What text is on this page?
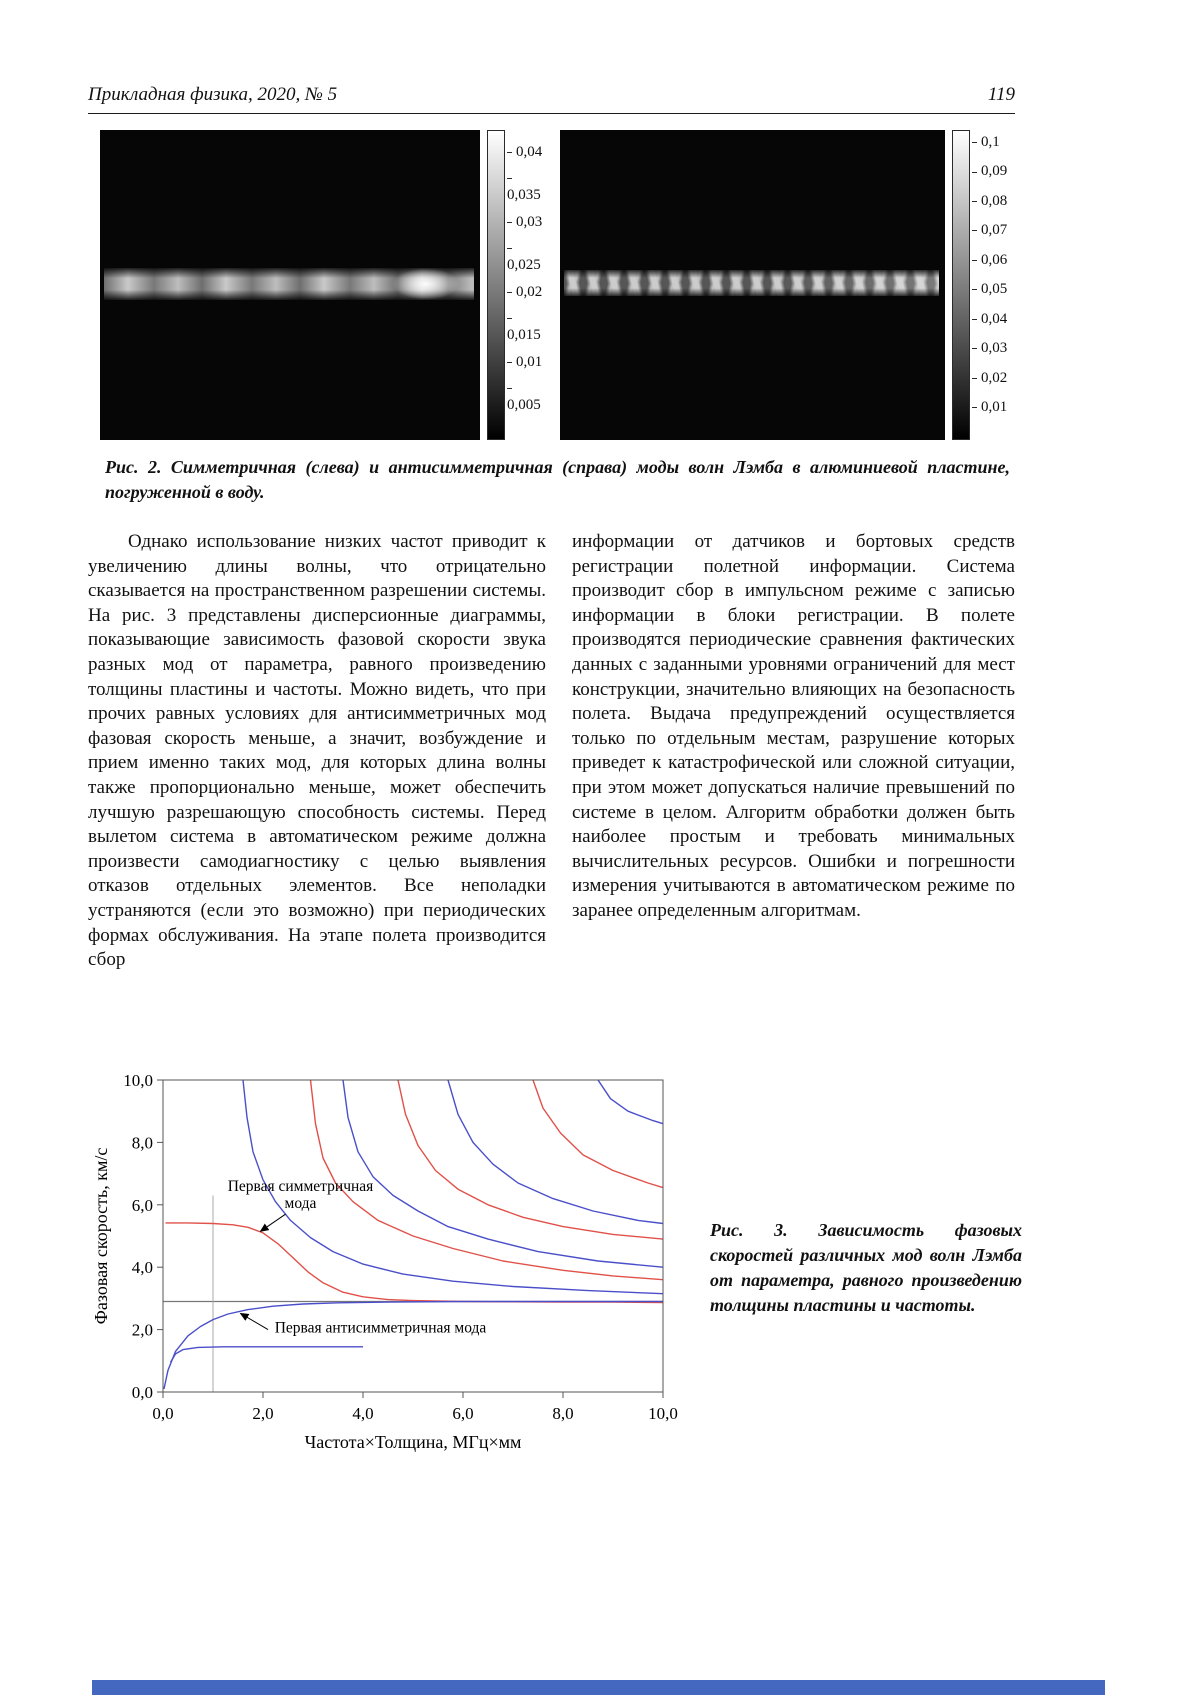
Прикладная физика, 2020, № 5	119
0,04
0,035
0,03
0,025
0,02
0,015
0,01
0,005
0,1
0,09
0,08
0,07
0,06
0,05
0,04
0,03
0,02
0,01

Рис. 2. Симметричная (слева) и антисимметричная (справа) моды волн Лэмба в алюминиевой пластине, погруженной в воду.

Однако использование низких частот приводит к увеличению длины волны, что отрицательно сказывается на пространственном разрешении системы. На рис. 3 представлены дисперсионные диаграммы, показывающие зависимость фазовой скорости звука разных мод от параметра, равного произведению толщины пластины и частоты. Можно видеть, что при прочих равных условиях для антисимметричных мод фазовая скорость меньше, а значит, возбуждение и прием именно таких мод, для которых длина волны также пропорционально меньше, может обеспечить лучшую разрешающую способность системы. Перед вылетом система в автоматическом режиме должна произвести самодиагностику с целью выявления отказов отдельных элементов. Все неполадки устраняются (если это возможно) при периодических формах обслуживания. На этапе полета производится сбор

информации от датчиков и бортовых средств регистрации полетной информации. Система производит сбор в импульсном режиме с записью информации в блоки регистрации. В полете производятся периодические сравнения фактических данных с заданными уровнями ограничений для мест конструкции, значительно влияющих на безопасность полета. Выдача предупреждений осуществляется только по отдельным местам, разрушение которых приведет к катастрофической или сложной ситуации, при этом может допускаться наличие превышений по системе в целом. Алгоритм обработки должен быть наиболее простым и требовать минимальных вычислительных ресурсов. Ошибки и погрешности измерения учитываются в автоматическом режиме по заранее определенным алгоритмам.

0,0
2,0
4,0
6,0
8,0
10,0
0,0	2,0	4,0	6,0	8,0	10,0
Фазовая скорость, км/с
Частота×Толщина, МГц×мм
Первая симметричная
мода
Первая антисимметричная мода

Рис. 3. Зависимость фазовых скоростей различных мод волн Лэмба от параметра, равного произведению толщины пластины и частоты.
